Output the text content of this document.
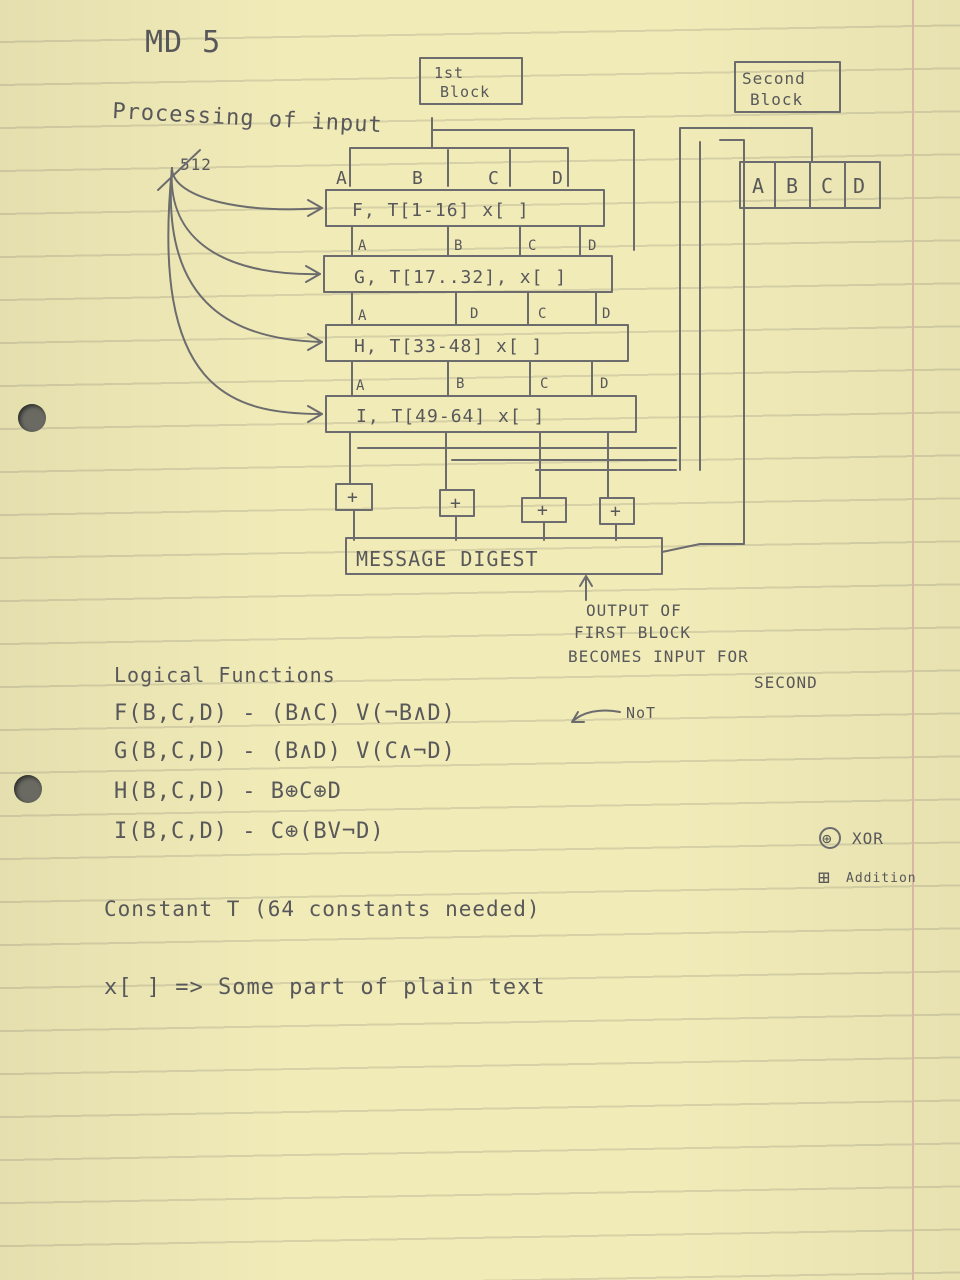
MD 5
Processing of input
512
1st
Block
Second
Block
A B C D
A	B	C	D
F, T[1-16] x[ ]
G, T[17..32], x[ ]
H, T[33-48] x[ ]
I, T[49-64] x[ ]
A	B	C	D
A	D	C	D
A	B	C	D
+	+	+	+
MESSAGE DIGEST
OUTPUT OF
FIRST BLOCK
BECOMES INPUT FOR
SECOND
Logical Functions
F(B,C,D) - (B∧C) V(¬B∧D)
G(B,C,D) - (B∧D) V(C∧¬D)
H(B,C,D) - B⊕C⊕D
I(B,C,D) - C⊕(BV¬D)
NoT
⊕ XOR
⊞ Addition
Constant T (64 constants needed)
x[ ] => Some part of plain text
